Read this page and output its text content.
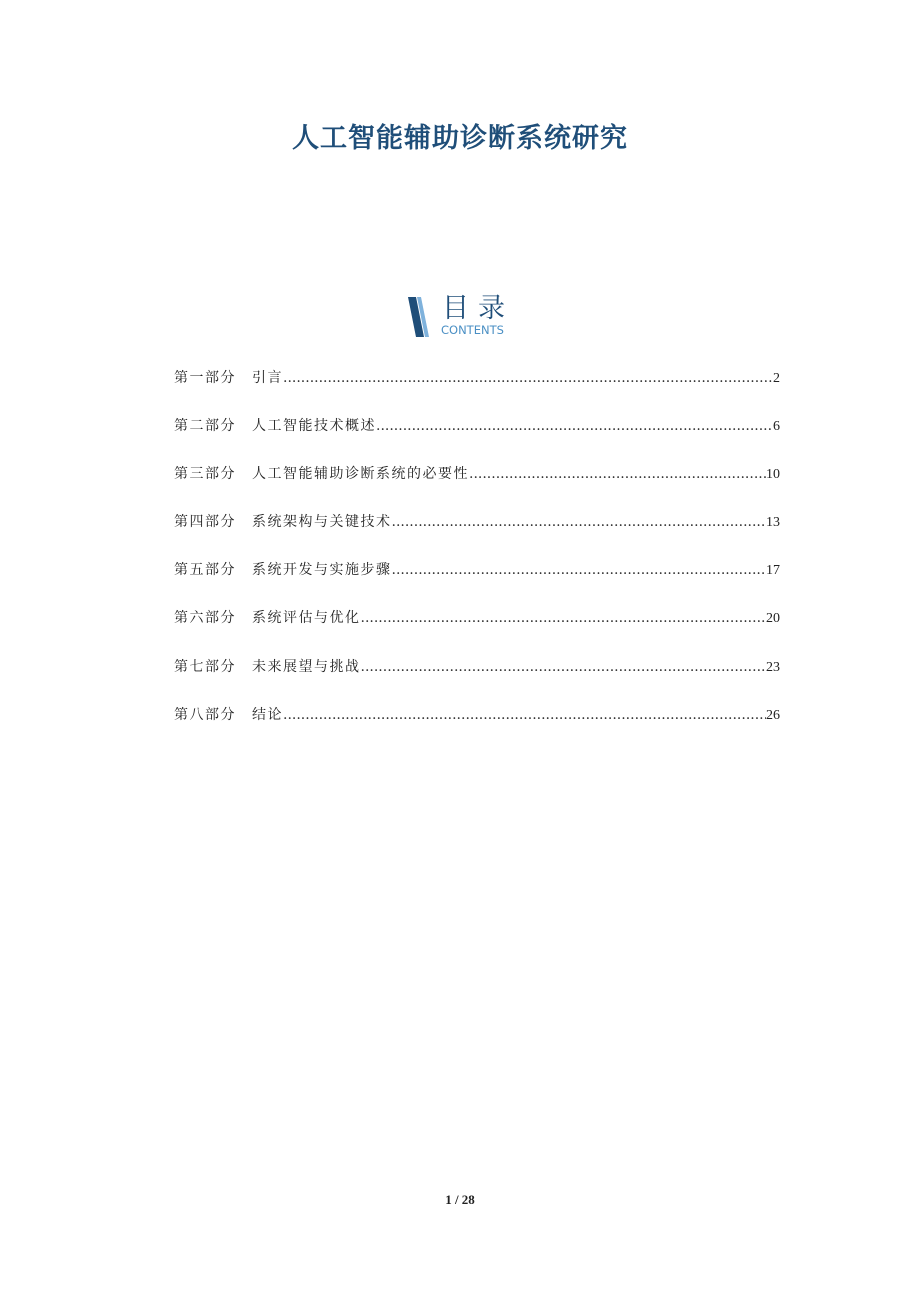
人工智能辅助诊断系统研究
目录
CONTENTS
第一部分 引言 .....	2
第二部分 人工智能技术概述 .....	6
第三部分 人工智能辅助诊断系统的必要性 .....	10
第四部分 系统架构与关键技术 .....	13
第五部分 系统开发与实施步骤 .....	17
第六部分 系统评估与优化 .....	20
第七部分 未来展望与挑战 .....	23
第八部分 结论 .....	26
1 / 28
